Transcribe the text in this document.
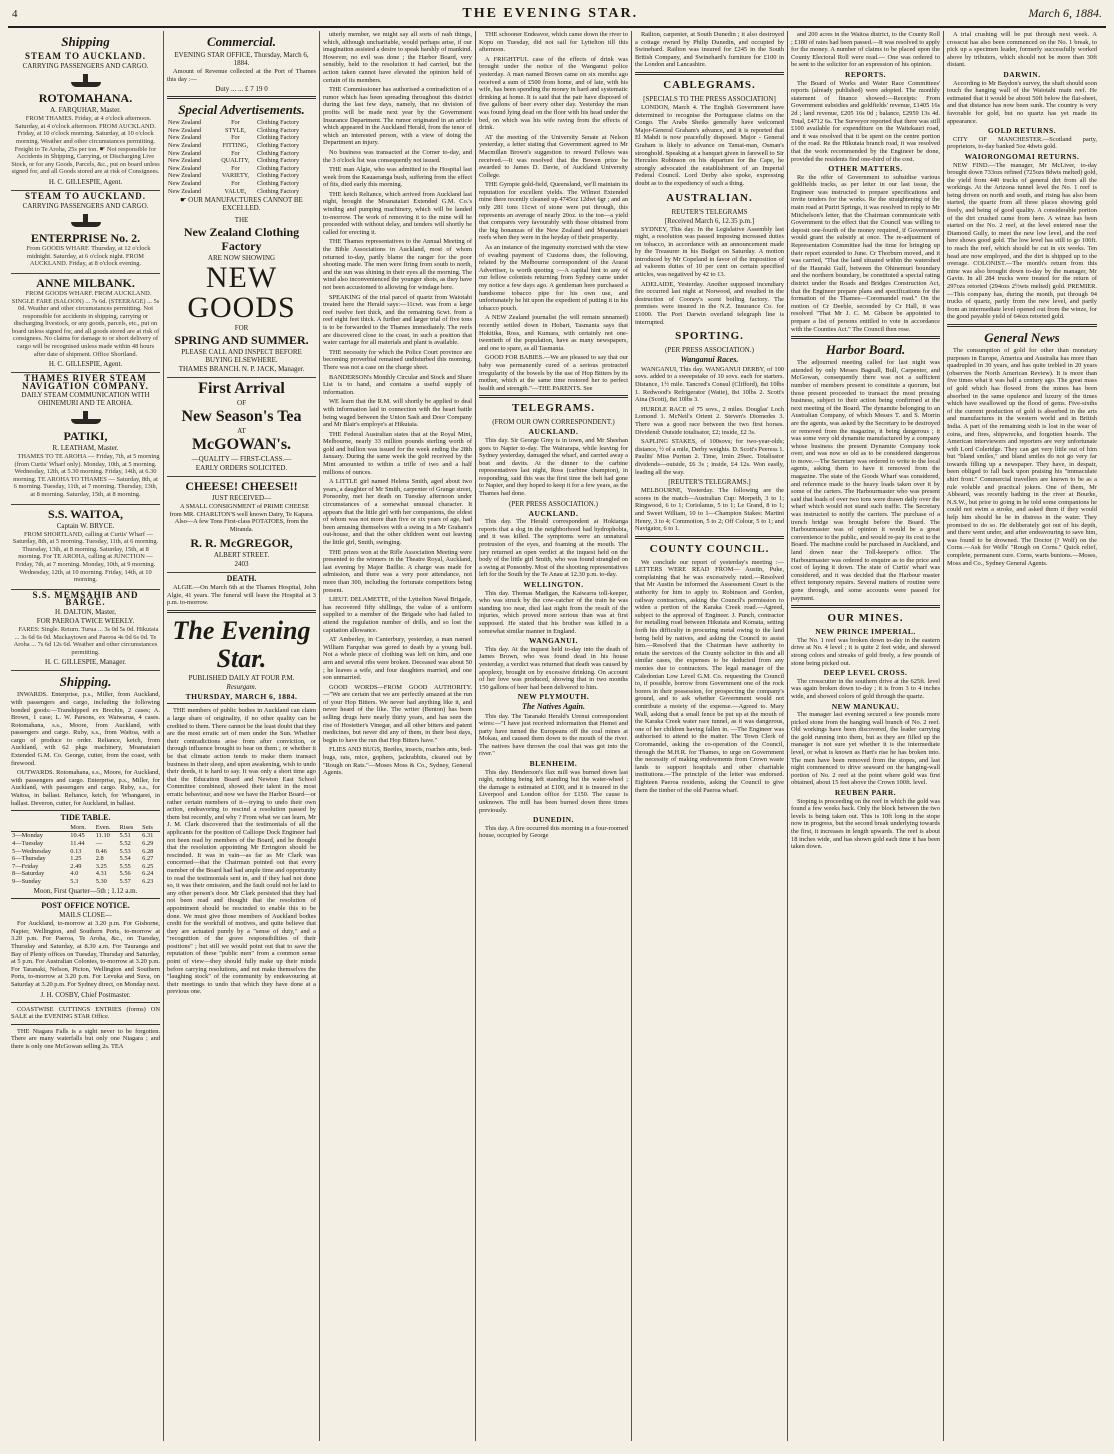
4	THE EVENING STAR.	March 6, 1884.
Shipping
STEAM TO AUCKLAND.
CARRYING PASSENGERS AND CARGO.
ROTOMAHANA.
A. FARQUHAR, Master.

FROM THAMES. Friday, at 4 o'clock afternoon. Saturday, at 4 o'clock afternoon. FROM AUCKLAND. Friday, at 10 o'clock morning. Saturday, at 10 o'clock morning. Weather and other circumstances permitting. Freight to Te Aroha, 25s per ton. ☛ Not responsible for Accidents in Shipping, Carrying, or Discharging Live Stock, or for any Goods, Parcels, &c., put on board unless signed for, and all Goods stored are at risk of Consignees.

H. C. GILLESPIE, Agent.
STEAM TO AUCKLAND.
CARRYING PASSENGERS AND CARGO.
ENTERPRISE No. 2.

From GOODS WHARF. Thursday, at 12 o'clock midnight. Saturday, at 6 o'clock night. FROM AUCKLAND. Friday, at 8 o'clock evening.

ANNE MILBANK.

FROM GOODS WHARF. FROM AUCKLAND. SINGLE FARE (SALOON) ... 7s 6d. (STEERAGE) ... 5s 0d. Weather and other circumstances permitting. Not responsible for accidents in shipping, carrying or discharging livestock, or any goods, parcels, etc., put on board unless signed for, and all goods stored are at risk of consignees. No claims for damage to or short delivery of cargo will be recognised unless made within 48 hours after date of shipment. Office Shortland.

H. C. GILLESPIE, Agent.
THAMES RIVER STEAM NAVIGATION COMPANY.
DAILY STEAM COMMUNICATION WITH OHINEMURI AND TE AROHA.
PATIKI,
R. LEATHAM, Master.

THAMES TO TE AROHA — Friday, 7th, at 5 morning (from Curtis' Wharf only). Monday, 10th, at 5 morning. Wednesday, 12th, at 5.30 morning. Friday, 14th, at 6.30 morning. TE AROHA TO THAMES — Saturday, 8th, at 6 morning. Tuesday, 11th, at 7 morning. Thursday, 13th, at 8 morning. Saturday, 15th, at 8 morning.

S.S. WAITOA,
Captain W. BRYCE.

FROM SHORTLAND, calling at Curtis' Wharf — Saturday, 8th, at 5 morning. Tuesday, 11th, at 6 morning. Thursday, 13th, at 8 morning. Saturday, 15th, at 8 morning. For TE AROHA, calling at JUNCTION — Friday, 7th, at 7 morning. Monday, 10th, at 9 morning. Wednesday, 12th, at 10 morning. Friday, 14th, at 10 morning.

S.S. MEMSAHIB AND BARGE.
H. DALTON, Master,
FOR PAEROA TWICE WEEKLY.

FARES: Single. Return. Turua ... 3s 0d 5s 0d. Hikutaia ... 3s 6d 6s 0d. Mackaytown and Paeroa 4s 0d 6s 0d. Te Aroha ... 7s 6d 12s 6d. Weather and other circumstances permitting.

H. C. GILLESPIE, Manager.
Shipping.

INWARDS. Enterprise, p.s., Miller, from Auckland, with passengers and cargo, including the following bonded goods:—Transhipped ex Brechin, 2 cases; A. Brown, 1 case; L. W. Parsons, ex Waiwarua, 4 cases. Rotomahana, s.s., Moore, from Auckland, with passengers and cargo. Ruby, s.s., from Waitoa, with a cargo of produce to order. Reliance, ketch, from Auckland, with 62 pkgs machinery, Moanataiari Extended G.M. Co. George, cutter, from the coast, with firewood.

OUTWARDS. Rotomahana, s.s., Moore, for Auckland, with passengers and cargo. Enterprise, p.s., Miller, for Auckland, with passengers and cargo. Ruby, s.s., for Waitoa, in ballast. Reliance, ketch, for Whangarei, in ballast. Deveron, cutter, for Auckland, in ballast.

TIDE TABLE.
	Morn.	Even.	Rises	Sets
3—Monday	10.45	11.10	5.51	6.31
4—Tuesday	11.44	—	5.52	6.29
5—Wednesday	0.13	0.46	5.53	6.28
6—Thursday	1.25	2.8	5.54	6.27
7—Friday	2.49	3.25	5.55	6.25
8—Saturday	4.0	4.31	5.56	6.24
9—Sunday	5.3	5.30	5.57	6.23
Moon, First Quarter—5th ; 1.12 a.m.
POST OFFICE NOTICE.
MAILS CLOSE—

For Auckland, to-morrow at 3.20 p.m. For Gisborne, Napier, Wellington, and Southern Ports, to-morrow at 3.20 p.m. For Paeroa, Te Aroha, &c., on Tuesday, Thursday and Saturday, at 8.30 a.m. For Tauranga and Bay of Plenty offices on Tuesday, Thursday and Saturday, at 5 p.m. For Australian Colonies, to-morrow at 3.20 p.m. For Taranaki, Nelson, Picton, Wellington and Southern Ports, to-morrow at 3.20 p.m. For Levuka and Suva, on Saturday at 3.20 p.m. For Sydney direct, on Monday next.

J. H. COSBY, Chief Postmaster.

COASTWISE CUTTINGS ENTRIES (forms) ON SALE at the EVENING STAR Office.

THE Niagara Falls is a sight never to be forgotten. There are many waterfalls but only one Niagara ; and there is only one McGowan selling 2s. TEA

Commercial.
EVENING STAR OFFICE, Thursday, March 6, 1884.

Amount of Revenue collected at the Port of Thames this day :—

Duty ... ... £ 7 19 0
Special Advertisements.
New Zealand	For	Clothing Factory
New Zealand	STYLE,	Clothing Factory
New Zealand	For	Clothing Factory
New Zealand	FITTING,	Clothing Factory
New Zealand	For	Clothing Factory
New Zealand	QUALITY,	Clothing Factory
New Zealand	For	Clothing Factory
New Zealand	VARIETY,	Clothing Factory
New Zealand	For	Clothing Factory
New Zealand	VALUE,	Clothing Factory
☛ OUR MANUFACTURES CANNOT BE EXCELLED.
THE
New Zealand Clothing Factory
ARE NOW SHOWING
NEW GOODS
FOR
SPRING AND SUMMER.
PLEASE CALL AND INSPECT BEFORE BUYING ELSEWHERE.
THAMES BRANCH. N. P. JACK, Manager.
First Arrival
OF
New Season's Tea
AT
McGOWAN's.
—QUALITY — FIRST-CLASS.—
EARLY ORDERS SOLICITED.
CHEESE! CHEESE!!
JUST RECEIVED—

A SMALL CONSIGNMENT of PRIME CHEESE from MR. CHARLTON'S well known Dairy, Te Kapara. Also—A few Tons First-class POTATOES, from the Miranda.

R. R. McGREGOR,
ALBERT STREET.
2403
DEATH.

ALGIE.—On March 6th at the Thames Hospital, John Algie, 41 years. The funeral will leave the Hospital at 3 p.m. to-morrow.

The Evening Star.
PUBLISHED DAILY AT FOUR P.M.
Resurgam.
THURSDAY, MARCH 6, 1884.

THE members of public bodies in Auckland can claim a large share of originality, if no other quality can be credited to them. There cannot be the least doubt that they are the most erratic set of men under the Sun. Whether their contradictions arise from after conviction, or through influence brought to bear on them ; or whether it be that climate action tends to make them transact business in their sleep, and upon awakening, wish to undo their deeds, it is hard to say. It was only a short time ago that the Education Board and Newton East School Committee combined, showed their talent in the most erratic behaviour, and now we have the Harbor Board—or rather certain members of it—trying to undo their own action, endeavoring to rescind a resolution passed by them but recently, and why ? From what we can learn, Mr J. M. Clark discovered that the testimonials of all the applicants for the position of Calliope Dock Engineer had not been read by members of the Board, and he thought that the resolution appointing Mr Errington should be rescinded. It was in vain—as far as Mr Clark was concerned—that the Chairman pointed out that every member of the Board had had ample time and opportunity to read the testimonials sent in, and if they had not done so, it was their omission, and the fault could not be laid to any other person's door. Mr Clark persisted that they had not been read and thought that the resolution of appointment should be rescinded to enable this to be done. We must give those members of Auckland bodies credit for the workfull of motives, and quite believe that they are actuated purely by a "sense of duty," and a "recognition of the grave responsibilities of their positions" ; but still we would point out that to save the reputation of these "public men" from a common sense point of view—they should fully make up their minds before carrying resolutions, and not make themselves the "laughing stock" of the community by endeavouring at their meetings to undo that which they have done at a previous one.

utterly member, we might say all sorts of rash things, which, although uncharitable, would perhaps arise, if our imagination assisted a desire to speak harshly of mankind. However, no evil was done ; the Harbor Board, very sensibly, held to the resolution it had carried, but the action taken cannot have elevated the opinion held of certain of its members.

THE Commissioner has authorised a contradiction of a rumor which has been spreading throughout this district during the last few days, namely, that no division of profits will be made next year by the Government Insurance Department. The rumor originated in an article which appeared in the Auckland Herald, from the tenor of which an interested person, with a view of doing the Department an injury.

No business was transacted at the Corner to-day, and the 3 o'clock list was consequently not issued.

THE man Algie, who was admitted to the Hospital last week from the Kauaeranga bush, suffering from the effect of fits, died early this morning.

THE ketch Reliance, which arrived from Auckland last night, brought the Moanataiari Extended G.M. Co.'s winding and pumping machinery, which will be landed to-morrow. The work of removing it to the mine will be proceeded with without delay, and tenders will shortly be called for erecting it.

THE Thames representatives to the Annual Meeting of the Bible Associations in Auckland, most of whom returned to-day, partly blame the ranger for the poor shooting made. The men were firing from south to north, and the sun was shining in their eyes all the morning. The wind also inconvenienced the younger shots, as they have not been accustomed to allowing for windage here.

SPEAKING of the trial parcel of quartz from Waiotahi treated here the Herald says:—11cwt. was from a large reef twelve feet thick, and the remaining 6cwt. from a reef eight feet thick. A further and larger trial of five tons is to be forwarded to the Thames immediately. The reefs are discovered close to the coast, in such a position that water carriage for all materials and plant is available.

THE necessity for which the Police Court province are becoming proverbial remained undisturbed this morning. There was not a case on the charge sheet.

BANDERSON's Monthly Circular and Stock and Share List is to hand, and contains a useful supply of information.

WE learn that the R.M. will shortly be applied to deal with information laid in connection with the heart battle being waged between the Union Sash and Door Company and Mr Blair's employe's at Hikutaia.

THE Federal Australian states that at the Royal Mint, Melbourne, nearly 33 million pounds sterling worth of gold and bullion was issued for the week ending the 28th January. During the same week the gold received by the Mint amounted to within a trifle of two and a half millions of ounces.

A LITTLE girl named Helena Smith, aged about two years, a daughter of Mr Smith, carpenter of Grange street, Ponsonby, met her death on Tuesday afternoon under circumstances of a somewhat unusual character. It appears that the little girl with her companions, the eldest of whom was not more than five or six years of age, had been amusing themselves with a swing in a Mr Graham's out-house, and that the other children went out leaving the little girl, Smith, swinging.

THE prizes won at the Rifle Association Meeting were presented to the winners in the Theatre Royal, Auckland, last evening by Major Baillie. A charge was made for admission, and there was a very poor attendance, not more than 300, including the fortunate competitors being present.

LIEUT. DELAMETTE, of the Lyttelton Naval Brigade, has recovered fifty shillings, the value of a uniform supplied to a member of the Brigade who had failed to attend the regulation number of drills, and so lost the capitation allowance.

AT Amberley, in Canterbury, yesterday, a man named William Farquhar was gored to death by a young bull. Not a whole piece of clothing was left on him, and one arm and several ribs were broken. Deceased was about 50 ; he leaves a wife, and four daughters married, and one son unmarried.

GOOD WORDS—FROM GOOD AUTHORITY.—"We are certain that we are perfectly amazed at the run of your Hop Bitters. We never had anything like it, and never heard of the like. The writer (Benton) has been selling drugs here nearly thirty years, and has seen the rise of Hostetter's Vinegar, and all other bitters and patent medicines, but never did any of them, in their best days, begin to have the run that Hop Bitters have."

FLIES AND BUGS, Beetles, insects, roaches ants, bed-bugs, rats, mice, gophers, jackrabbits, cleared out by "Rough on Rats."—Moses Moss & Co., Sydney, General Agents.

THE schooner Endeavor, which came down the river to Kopu on Tuesday, did not sail for Lyttelton till this afternoon.

A FRIGHTFUL case of the effects of drink was brought under the notice of the Wanganui police yesterday. A man named Brown came on six months ago received a sum of £500 from home, and of late, with his wife, has been spending the money in hard and systematic drinking at home. It is said that the pair have disposed of five gallons of beer every other day. Yesterday the man was found lying dead on the floor with his head under the bed, on which was his wife raving from the effects of drink.

AT the meeting of the University Senate at Nelson yesterday, a letter stating that Government agreed to Mr Macmillan Brown's suggestion to reward Fellows was received.—It was resolved that the Bowen prize be awarded to James D. Davie, of Auckland University College.

THE Gympie gold-field, Queensland, we'll maintain its reputation for excellent yields. The Wilmot Extended mine there recently cleaned up 4745oz 12dwt 6gr ; and an only 281 tons 11cwt of stone were put through, this represents an average of nearly 20oz. to the ton—a yield that compares very favourably with those obtained from the big bonanzas of the New Zealand and Moanataiari reefs when they were in the heyday of their prosperity.

As an instance of the ingenuity exercised with the view of evading payment of Customs dues, the following, related by the Melbourne correspondent of the Ararat Advertiser, is worth quoting :—A capital hint to any of our fellow colonists returning from Sydney came under my notice a few days ago. A gentleman here purchased a handsome tobacco pipe for his own use, and unfortunately he hit upon the expedient of putting it in his tobacco pouch.

A NEW Zealand journalist (he will remain unnamed) recently settled down in Hobart, Tasmania says that Hokitika, Ross, and Kumara, with certainly not one-twentieth of the population, have as many newspapers, and one to spare, as all Tasmania.

GOOD FOR BABIES.—We are pleased to say that our baby was permanently cured of a serious protracted irregularity of the bowels by the use of Hop Bitters by its mother, which at the same time restored her to perfect health and strength."—THE PARENTS. See

TELEGRAMS.
(FROM OUR OWN CORRESPONDENT.)
AUCKLAND.

This day. Sir George Grey is in town, and Mr Sheehan goes to Napier to-day. The Wairarapa, while leaving for Sydney yesterday, damaged the wharf, and carried away a boat and davits. At the dinner to the carbine representatives last night, Ross (carbine champion), in responding, said this was the first time the belt had gone to Napier, and they hoped to keep it for a few years, as the Thames had done.

(PER PRESS ASSOCIATION.)
AUCKLAND.

This day. The Herald correspondent at Hokianga reports that a dog in the neighborhood had hydrophobia, and it was killed. The symptoms were an unnatural protrusion of the eyes, and foaming at the mouth. The jury returned an open verdict at the inquest held on the body of the little girl Smith, who was found strangled on a swing at Ponsonby. Most of the shooting representatives left for the South by the Te Anau at 12.30 p.m. to-day.

WELLINGTON.

This day. Thomas Madigan, the Kaiwarra toll-keeper, who was struck by the cow-catcher of the train he was standing too near, died last night from the result of the injuries, which proved more serious than was at first supposed. He stated that his brother was killed in a somewhat similar manner in England.

WANGANUI.

This day. At the inquest held to-day into the death of James Brown, who was found dead in his house yesterday, a verdict was returned that death was caused by apoplexy, brought on by excessive drinking. On account of her love was produced, showing that in two months 150 gallons of beer had been delivered to him.

NEW PLYMOUTH.
The Natives Again.

This day. The Taranaki Herald's Urenui correspondent wires:—"I have just received information that Hemei and party have turned the Europeans off the coal mines at Mokau, and caused them down to the mouth of the river. The natives have thrown the coal that was got into the river."

BLENHEIM.

This day. Henderson's flax mill was burned down last night, nothing being left standing but the water-wheel ; the damage is estimated at £100, and it is insured in the Liverpool and London office for £150. The cause is unknown. The mill has been burned down three times previously.

DUNEDIN.

This day. A fire occurred this morning in a four-roomed house, occupied by George

Railton, carpenter, at South Dunedin ; it also destroyed a cottage owned by Philip Dunedin, and occupied by Swinehard. Railton was insured for £245 in the South British Company, and Swinehard's furniture for £100 in the London and Lancashire.

CABLEGRAMS.
[SPECIALS TO THE PRESS ASSOCIATION]

LONDON, March 4. The English Government have determined to recognise the Portuguese claims on the Congo. The Arabs Sheiks generally have welcomed Major-General Graham's advance, and it is reported that El Mahdi is now peacefully disposed. Major - General Graham is likely to advance on Tamai-man, Osman's stronghold. Speaking at a banquet given in farewell to Sir Hercules Robinson on his departure for the Cape, he strongly advocated the establishment of an Imperial Federal Council. Lord Derby also spoke, expressing doubt as to the expediency of such a thing.

AUSTRALIAN.
REUTER'S TELEGRAMS
[Received March 6, 12.35 p.m.]

SYDNEY, This day. In the Legislative Assembly last night, a resolution was passed imposing increased duties on tobacco, in accordance with an announcement made by the Treasurer in his Budget on Saturday. A motion introduced by Mr Copeland in favor of the imposition of ad valorem duties of 10 per cent on certain specified articles, was negatived by 42 to 13.

ADELAIDE, Yesterday. Another supposed incendiary fire occurred last night at Norwood, and resulted in the destruction of Cooney's scent boiling factory. The premises were insured in the N.Z. Insurance Co. for £1000. The Port Darwin overland telegraph line is interrupted.

SPORTING.
(PER PRESS ASSOCIATION.)
Wanganui Races.

WANGANUI, This day. WANGANUI DERBY, of 100 sovs. added to a sweepstake of 10 sovs. each for starters. Distance, 1½ mile. Tancred's Consul (Clifford), 8st 10lbs 1. Redwood's Refrigerator (Waite), 8st 10lbs 2. Scott's Aina (Scott), 8st 10lbs 3.

HURDLE RACE of 75 sovs., 2 miles. Douglas' Loch Lomond 1. McNeil's Orient 2. Steven's Diomedes 3. There was a good race between the two first horses. Dividend: Outside totalisator, £2; inside, £2 3s.

SAPLING STAKES, of 100sovs; for two-year-olds; distance, ½ of a mile, Derby weights. D. Scott's Peeress 1. Paulits' Miss Puritan 2. Time, 1min 29sec. Totalisator dividends—outside, £6 3s ; inside, £4 12s. Won easily, leading all the way.

[REUTER'S TELEGRAMS.]

MELBOURNE, Yesterday. The following are the scores in the match—Australian Cup: Morpeth, 3 to 1; Ringwood, 6 to 1; Coriolanus, 5 to 1; Le Grand, 8 to 1; and Sweet William, 10 to 1—Champion Stakes: Martini Henry, 3 to 4; Commotion, 5 to 2; Off Colour, 5 to 1; and Navigator, 6 to 1.

COUNTY COUNCIL.

We conclude our report of yesterday's meeting :— LETTERS WERE READ FROM— Austin, Puke, complaining that he was excessively rated.—Resolved that Mr Austin be informed the Assessment Court is the authority for him to apply to. Robinson and Gordon, railway contractors, asking the Council's permission to widen a portion of the Karaka Creek road.—Agreed, subject to the approval of Engineer. J. Punch, contractor for metalling road between Hikutaia and Komata, setting forth his difficulty in procuring metal owing to the land being held by natives, and asking the Council to assist him.—Resolved that the Chairman have authority to retain the services of the County solicitor in this and all similar cases, the expenses to be deducted from any monies due to contractors. The legal manager of the Caledonian Low Level G.M. Co. requesting the Council to, if possible, borrow from Government one of the rock borers in their possession, for prospecting the company's ground, and to ask whether Government would not contribute a moiety of the expense.—Agreed to. Mary Wall, asking that a small fence be put up at the mouth of the Karaka Creek water race tunnel, as it was dangerous, one of her children having fallen in. —The Engineer was authorised to attend to the matter. The Town Clerk of Coromandel, asking the co-operation of the Council, through the M.H.R. for Thames, to urge on Government the necessity of making endowments from Crown waste lands to support hospitals and other charitable institutions.—The principle of the letter was endorsed. Eighteen Paeroa residents, asking the Council to give them the timber of the old Paeroa wharf.

and 200 acres in the Waitoa district, to the County Roll ; £180 of rates had been passed.—It was resolved to apply for the money. A number of claims to be placed upon the County Electoral Roll were read.— One was ordered to be sent to the solicitor for an expression of his opinion.

REPORTS.

The Board of Works and Water Race Committees' reports (already published) were adopted. The monthly statement of finance showed:—Receipts: From Government subsidies and goldfields' revenue, £1405 16s 2d ; land revenue, £205 16s 0d ; balance, £2959 13s 4d. Total, £4712 6s. The Surveyor reported that there was still £100 available for expenditure on the Waitekauri road, and it was resolved that it be spent on the centre portion of the road. Re the Hikutaia branch road, it was resolved that the work recommended by the Engineer be done, provided the residents find one-third of the cost.

OTHER MATTERS.

Re the offer of Government to subsidise various goldfields tracks, as per letter in our last issue, the Engineer was instructed to prepare specifications and invite tenders for the works. Re the straightening of the main road at Puriri Springs, it was resolved in reply to Mr Mitchelson's letter, that the Chairman communicate with Government to the effect that the Council was willing to deposit one-fourth of the money required, if Government would grant the subsidy at once. The re-adjustment of Representation Committee had the time for bringing up their report extended to June. Cr Thorburn moved, and it was carried, "That the land situated within the watershed of the Hauraki Gulf, between the Ohinemuri boundary and the northern boundary, be constituted a special rating district under the Roads and Bridges Construction Act, that the Engineer prepare plans and specifications for the formation of the Thames—Coromandel road." On the motion of Cr Deeble, seconded by Cr Hall, it was resolved "That Mr J. C. M. Gibson be appointed to prepare a list of persons entitled to vote in accordance with the Counties Act." The Council then rose.

Harbor Board.

The adjourned meeting called for last night was attended by only Messrs Bagnall, Bull, Carpenter, and McGowan, consequently there was not a sufficient number of members present to constitute a quorum, but those present proceeded to transact the most pressing business, subject to their action being confirmed at the next meeting of the Board. The dynamite belonging to an Australian Company, of which Messrs T. and S. Morrin are the agents, was asked by the Secretary to be destroyed or removed from the magazine, it being dangerous ; it was some very old dynamite manufactured by a company whose business the present Dynamite Company took over, and was now so old as to be considered dangerous to move.—The Secretary was ordered to write to the local agents, asking them to have it removed from the magazine. The state of the Goods Wharf was considered, and reference made to the heavy loads taken over it by some of the carters. The Harbourmaster who was present said that loads of over two tons were drawn daily over the wharf which would not stand such traffic. The Secretary was instructed to notify the carriers. The purchase of a trench bridge was brought before the Board. The Harbourmaster was of opinion it would be a great convenience to the public, and would re-pay its cost to the Board. The machine could be purchased in Auckland, and land down near the Toll-keeper's office. The Harbourmaster was ordered to enquire as to the price and cost of laying it down. The state of Curtis' wharf was considered, and it was decided that the Harbour master effect temporary repairs. Several matters of routine were gone through, and some accounts were passed for payment.

OUR MINES.
NEW PRINCE IMPERIAL.

The No. 1 reef was broken down to-day in the eastern drive at No. 4 level ; it is quite 2 feet wide, and showed strong colors and streaks of gold freely, a few pounds of stone being picked out.

DEEP LEVEL CROSS.

The crosscutter in the southern drive at the 625ft. level was again broken down to-day ; it is from 3 to 4 inches wide, and showed colors of gold through the quartz.

NEW MANUKAU.

The manager last evening secured a few pounds more picked stone from the hanging wall branch of No. 2 reef. Old workings have been discovered, the leader carrying the gold running into them, but as they are filled up the manager is not sure yet whether it is the intermediate level, or what is known as Hart's rise he has broken into. The men have been removed from the stopes, and last night commenced to drive seaward on the hanging-wall portion of No. 2 reef at the point where gold was first obtained, about 15 feet above the Crown 100ft. level.

REUBEN PARR.

Stoping is proceeding on the reef in which the gold was found a few weeks back. Only the block between the two levels is being taken out. This is 10ft long in the stope now in progress, but the second break underlying towards the first, it increases in length upwards. The reef is about 18 inches wide, and has shown gold each time it has been taken down.

A trial crushing will be put through next week. A crosscut has also been commenced on the No. 1 break, to pick up a specimen leader, formerly successfully worked above by tributers, which should not be more than 30ft distant.

DARWIN.

According to Mr Baydon's survey, the shaft should soon touch the hanging wall of the Waiotahi main reef. He estimated that it would be about 50ft below the flat-sheet, and that distance has now been sunk. The country is very favorable for gold, but no quartz has yet made its appearance.

GOLD RETURNS.

CITY OF MANCHESTER.—Scotland party, proprietors, to-day banked 5oz 4dwts gold.

WAIORONGOMAI RETURNS.

NEW FIND.—The manager, Mr McLiver, to-day brought down 733ozs refined (725ozs 8dwts melted) gold, the yield from 440 trucks of general dirt from all the workings. At the Arizona tunnel level the No. 1 reef is being driven on north and south, and rising has also been started, the quartz from all three places showing gold freely, and being of good quality. A considerable portion of the dirt crushed came from here. A winze has been started on the No. 2 reef, at the level entered near the Diamond Gully, to meet the new low level, and the reef here shows good gold. The low level has still to go 100ft. to reach the reef, which should be cut in six weeks. Ten head are now employed, and the dirt is shipped up to the overage. COLONIST.—The month's return from this mine was also brought down to-day by the manager, Mr Gavin. In all 284 trucks were treated for the return of 297ozs retorted (294ozs 2½wts melted) gold. PREMIER.—This company has, during the month, put through 94 trucks of quartz, partly from the new level, and partly from an intermediate level opened out from the winze, for the good payable yield of 64ozs retorted gold.

General News

The consumption of gold for other than monetary purposes in Europe, America and Australia has more than quadrupled in 30 years, and has quite trebled in 20 years (observes the North American Review). It is more than five times what it was half a century ago. The great mass of gold which has flowed from the mines has been absorbed in the same opulence and luxury of the times which have swallowed up the flood of gems. Five-sixths of the current production of gold is absorbed in the arts and manufactures in the western world and in British India. A part of the remaining sixth is lost in the wear of coins, and fires, shipwrecks, and forgotten hoards. The American interviewers and reporters are very unfortunate with Lord Coleridge. They can get very little out of him but "bland smiles," and bland smiles do not go very far towards filling up a newspaper. They have, in despair, been obliged to fall back upon praising his "immaculate shirt front." Commercial travellers are known to be as a rule voluble and practical jokers. One of them, Mr Abbeard, was recently bathing in the river at Bourke, N.S.W., but prior to going in he told some companions he could not swim a stroke, and asked them if they would help him should he be in distress in the water. They promised to do so. He deliberately got out of his depth, and there went under, and after endeavouring to save him, was found to be drowned. The Doctor (? Wolf) on the Corns.—Ask for Wells' "Rough on Corns." Quick relief, complete, permanent cure. Corns, warts bunions.—Moses, Moss and Co., Sydney General Agents.
